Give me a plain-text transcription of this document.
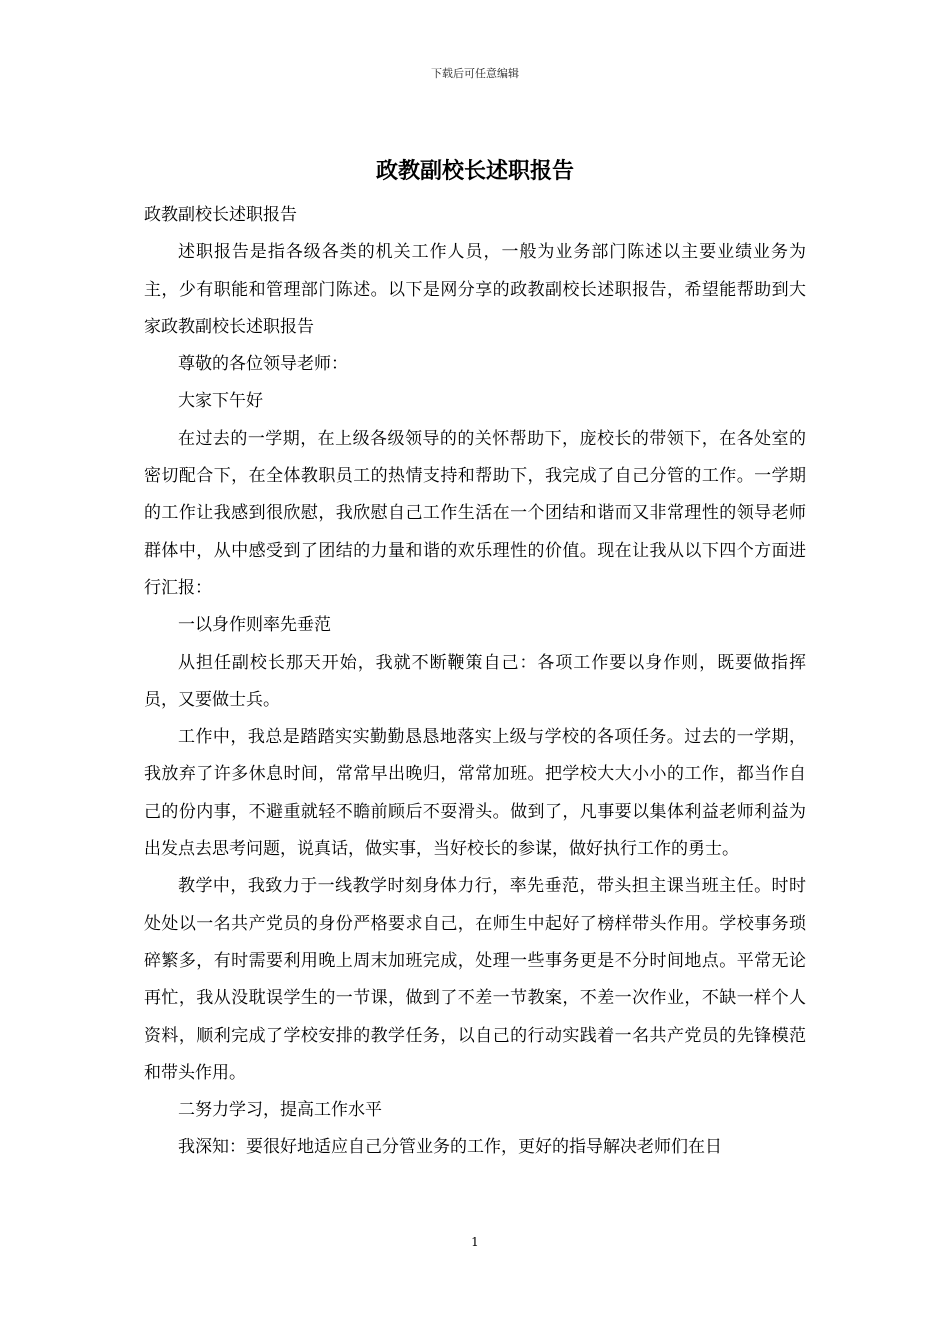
下载后可任意编辑
政教副校长述职报告

政教副校长述职报告

述职报告是指各级各类的机关工作人员，一般为业务部门陈述以主要业绩业务为主，少有职能和管理部门陈述。以下是网分享的政教副校长述职报告，希望能帮助到大家政教副校长述职报告

尊敬的各位领导老师：

大家下午好

在过去的一学期，在上级各级领导的的关怀帮助下，庞校长的带领下，在各处室的密切配合下，在全体教职员工的热情支持和帮助下，我完成了自己分管的工作。一学期的工作让我感到很欣慰，我欣慰自己工作生活在一个团结和谐而又非常理性的领导老师群体中，从中感受到了团结的力量和谐的欢乐理性的价值。现在让我从以下四个方面进行汇报：

一以身作则率先垂范

从担任副校长那天开始，我就不断鞭策自己：各项工作要以身作则，既要做指挥员，又要做士兵。

工作中，我总是踏踏实实勤勤恳恳地落实上级与学校的各项任务。过去的一学期，我放弃了许多休息时间，常常早出晚归，常常加班。把学校大大小小的工作，都当作自己的份内事，不避重就轻不瞻前顾后不耍滑头。做到了，凡事要以集体利益老师利益为出发点去思考问题，说真话，做实事，当好校长的参谋，做好执行工作的勇士。

教学中，我致力于一线教学时刻身体力行，率先垂范，带头担主课当班主任。时时处处以一名共产党员的身份严格要求自己，在师生中起好了榜样带头作用。学校事务琐碎繁多，有时需要利用晚上周末加班完成，处理一些事务更是不分时间地点。平常无论再忙，我从没耽误学生的一节课，做到了不差一节教案，不差一次作业，不缺一样个人资料，顺利完成了学校安排的教学任务，以自己的行动实践着一名共产党员的先锋模范和带头作用。

二努力学习，提高工作水平

我深知：要很好地适应自己分管业务的工作，更好的指导解决老师们在日

1
